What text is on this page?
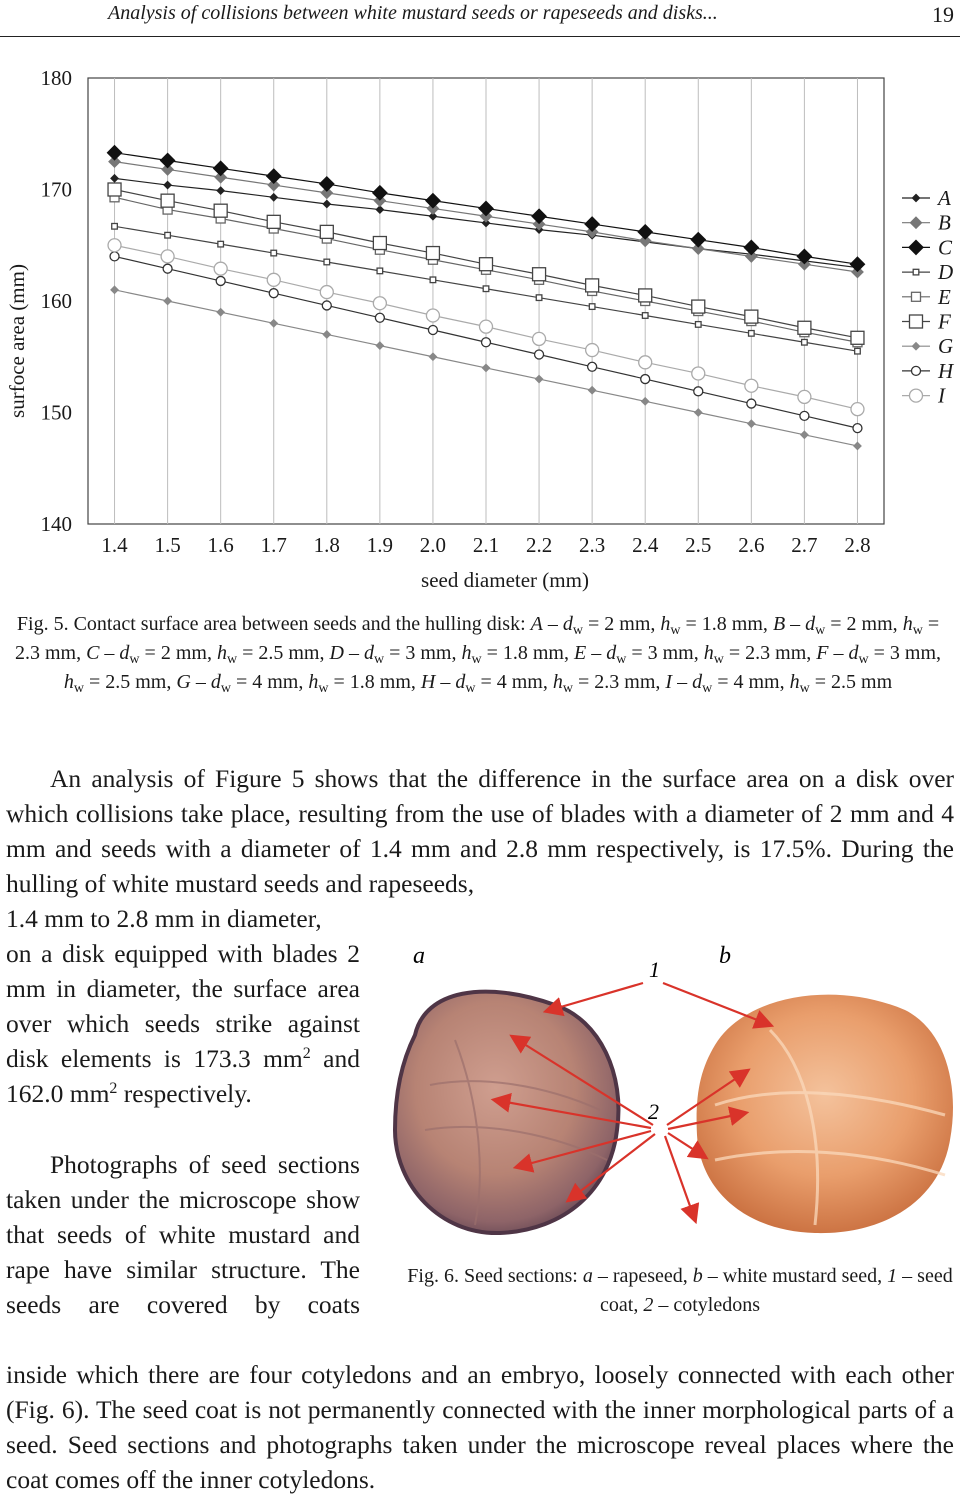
Analysis of collisions between white mustard seeds or rapeseeds and disks...	19
140
150
160
170
180
1.4 1.5 1.6 1.7 1.8 1.9 2.0 2.1 2.2 2.3 2.4 2.5 2.6 2.7 2.8
seed diameter (mm)
surfoce area (mm)
A
B
C
D
E
F
G
H
I
Fig. 5. Contact surface area between seeds and the hulling disk: $A - d_w = 2$ mm, $h_w = 1.8$ mm, $B - d_w = 2$ mm, $h_w = 2.3$ mm, $C - d_w = 2$ mm, $h_w = 2.5$ mm, $D - d_w = 3$ mm, $h_w = 1.8$ mm, $E - d_w = 3$ mm, $h_w = 2.3$ mm, $F - d_w = 3$ mm, $h_w = 2.5$ mm, $G - d_w = 4$ mm, $h_w = 1.8$ mm, $H - d_w = 4$ mm, $h_w = 2.3$ mm, $I - d_w = 4$ mm, $h_w = 2.5$ mm
An analysis of Figure 5 shows that the difference in the surface area on a disk over which collisions take place, resulting from the use of blades with a diameter of 2 mm and 4 mm and seeds with a diameter of 1.4 mm and 2.8 mm respectively, is 17.5%. During the hulling of white mustard seeds and rapeseeds,
1.4 mm to 2.8 mm in diameter,
on a disk equipped with blades 2 mm in diameter, the surface area over which seeds strike against disk elements is 173.3 $mm^2$ and 162.0 $mm^2$ respectively.
Photographs of seed sections taken under the microscope show that seeds of white mustard and rape have similar structure. The seeds are covered by coats
inside which there are four cotyledons and an embryo, loosely connected with each other (Fig. 6). The seed coat is not permanently connected with the inner morphological parts of a seed. Seed sections and photographs taken under the microscope reveal places where the coat comes off the inner cotyledons.
a	b
1
2
Fig. 6. Seed sections: a – rapeseed, b – white mustard seed, 1 – seed coat, 2 – cotyledons
